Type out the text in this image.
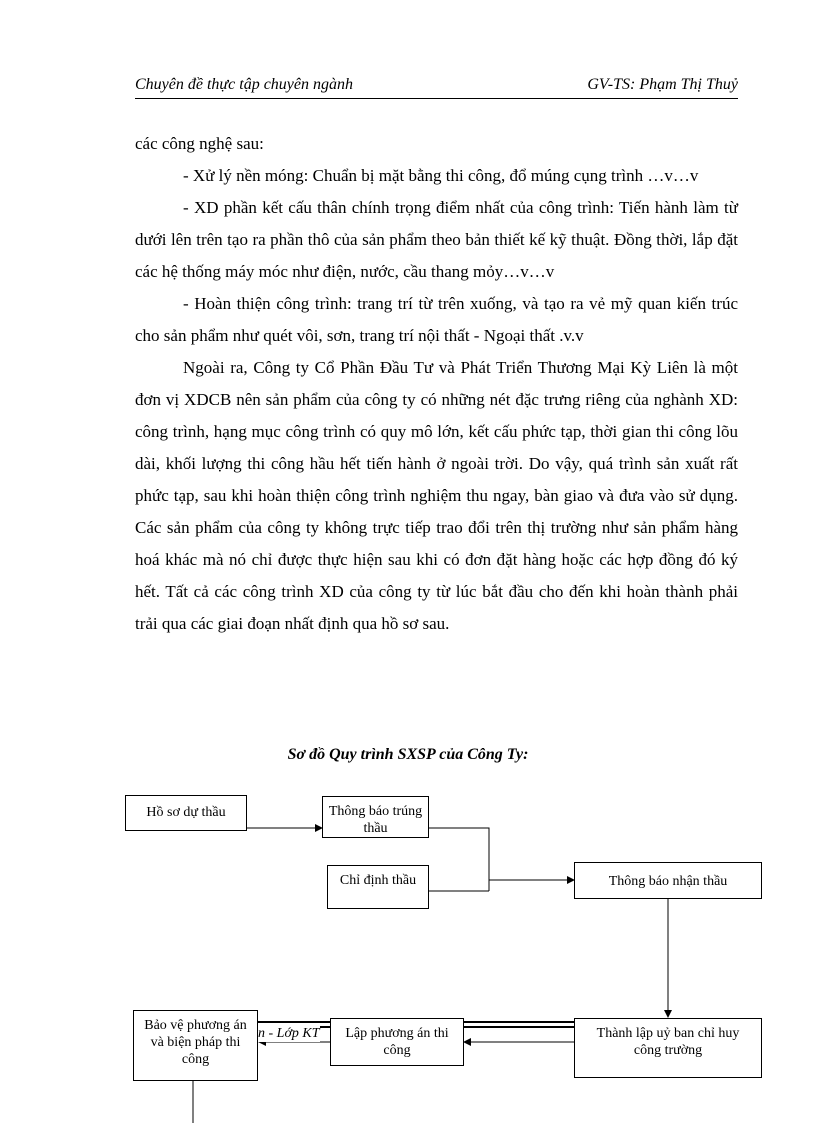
Chuyên đề thực tập chuyên ngành	GV-TS: Phạm Thị Thuỷ

các công nghệ sau:

- Xử lý nền móng: Chuẩn bị mặt bằng thi công, đổ múng cụng trình …v…v

- XD phần kết cấu thân chính trọng điểm nhất của công trình: Tiến hành làm từ dưới lên trên tạo ra phần thô của sản phẩm theo bản thiết kế kỹ thuật. Đồng thời, lắp đặt các hệ thống máy móc như điện, nước, cầu thang mỏy…v…v

- Hoàn thiện công trình: trang trí từ trên xuống, và tạo ra vẻ mỹ quan kiến trúc cho sản phẩm như quét vôi, sơn, trang trí nội thất - Ngoại thất .v.v

Ngoài ra, Công ty Cổ Phần Đầu Tư và Phát Triển Thương Mại Kỳ Liên là một đơn vị XDCB nên sản phẩm của công ty có những nét đặc trưng riêng của nghành XD: công trình, hạng mục công trình có quy mô lớn, kết cấu phức tạp, thời gian thi công lõu dài, khối lượng thi công hầu hết tiến hành ở ngoài trời. Do vậy, quá trình sản xuất rất phức tạp, sau khi hoàn thiện công trình nghiệm thu ngay, bàn giao và đưa vào sử dụng. Các sản phẩm của công ty không trực tiếp trao đổi trên thị trường như sản phẩm hàng hoá khác mà nó chỉ được thực hiện sau khi có đơn đặt hàng hoặc các hợp đồng đó ký hết. Tất cả các công trình XD của công ty từ lúc bắt đầu cho đến khi hoàn thành phải trải qua các giai đoạn nhất định qua hồ sơ sau.

Sơ đồ Quy trình SXSP của Công Ty:
n - Lớp KT
Hồ sơ dự thầu	Thông báo trúng thầu
Chỉ định thầu	Thông báo nhận thầu
Thành lập uỷ ban chỉ huy công trường
Lập phương án thi công
Bảo vệ phương án và biện pháp thi công
